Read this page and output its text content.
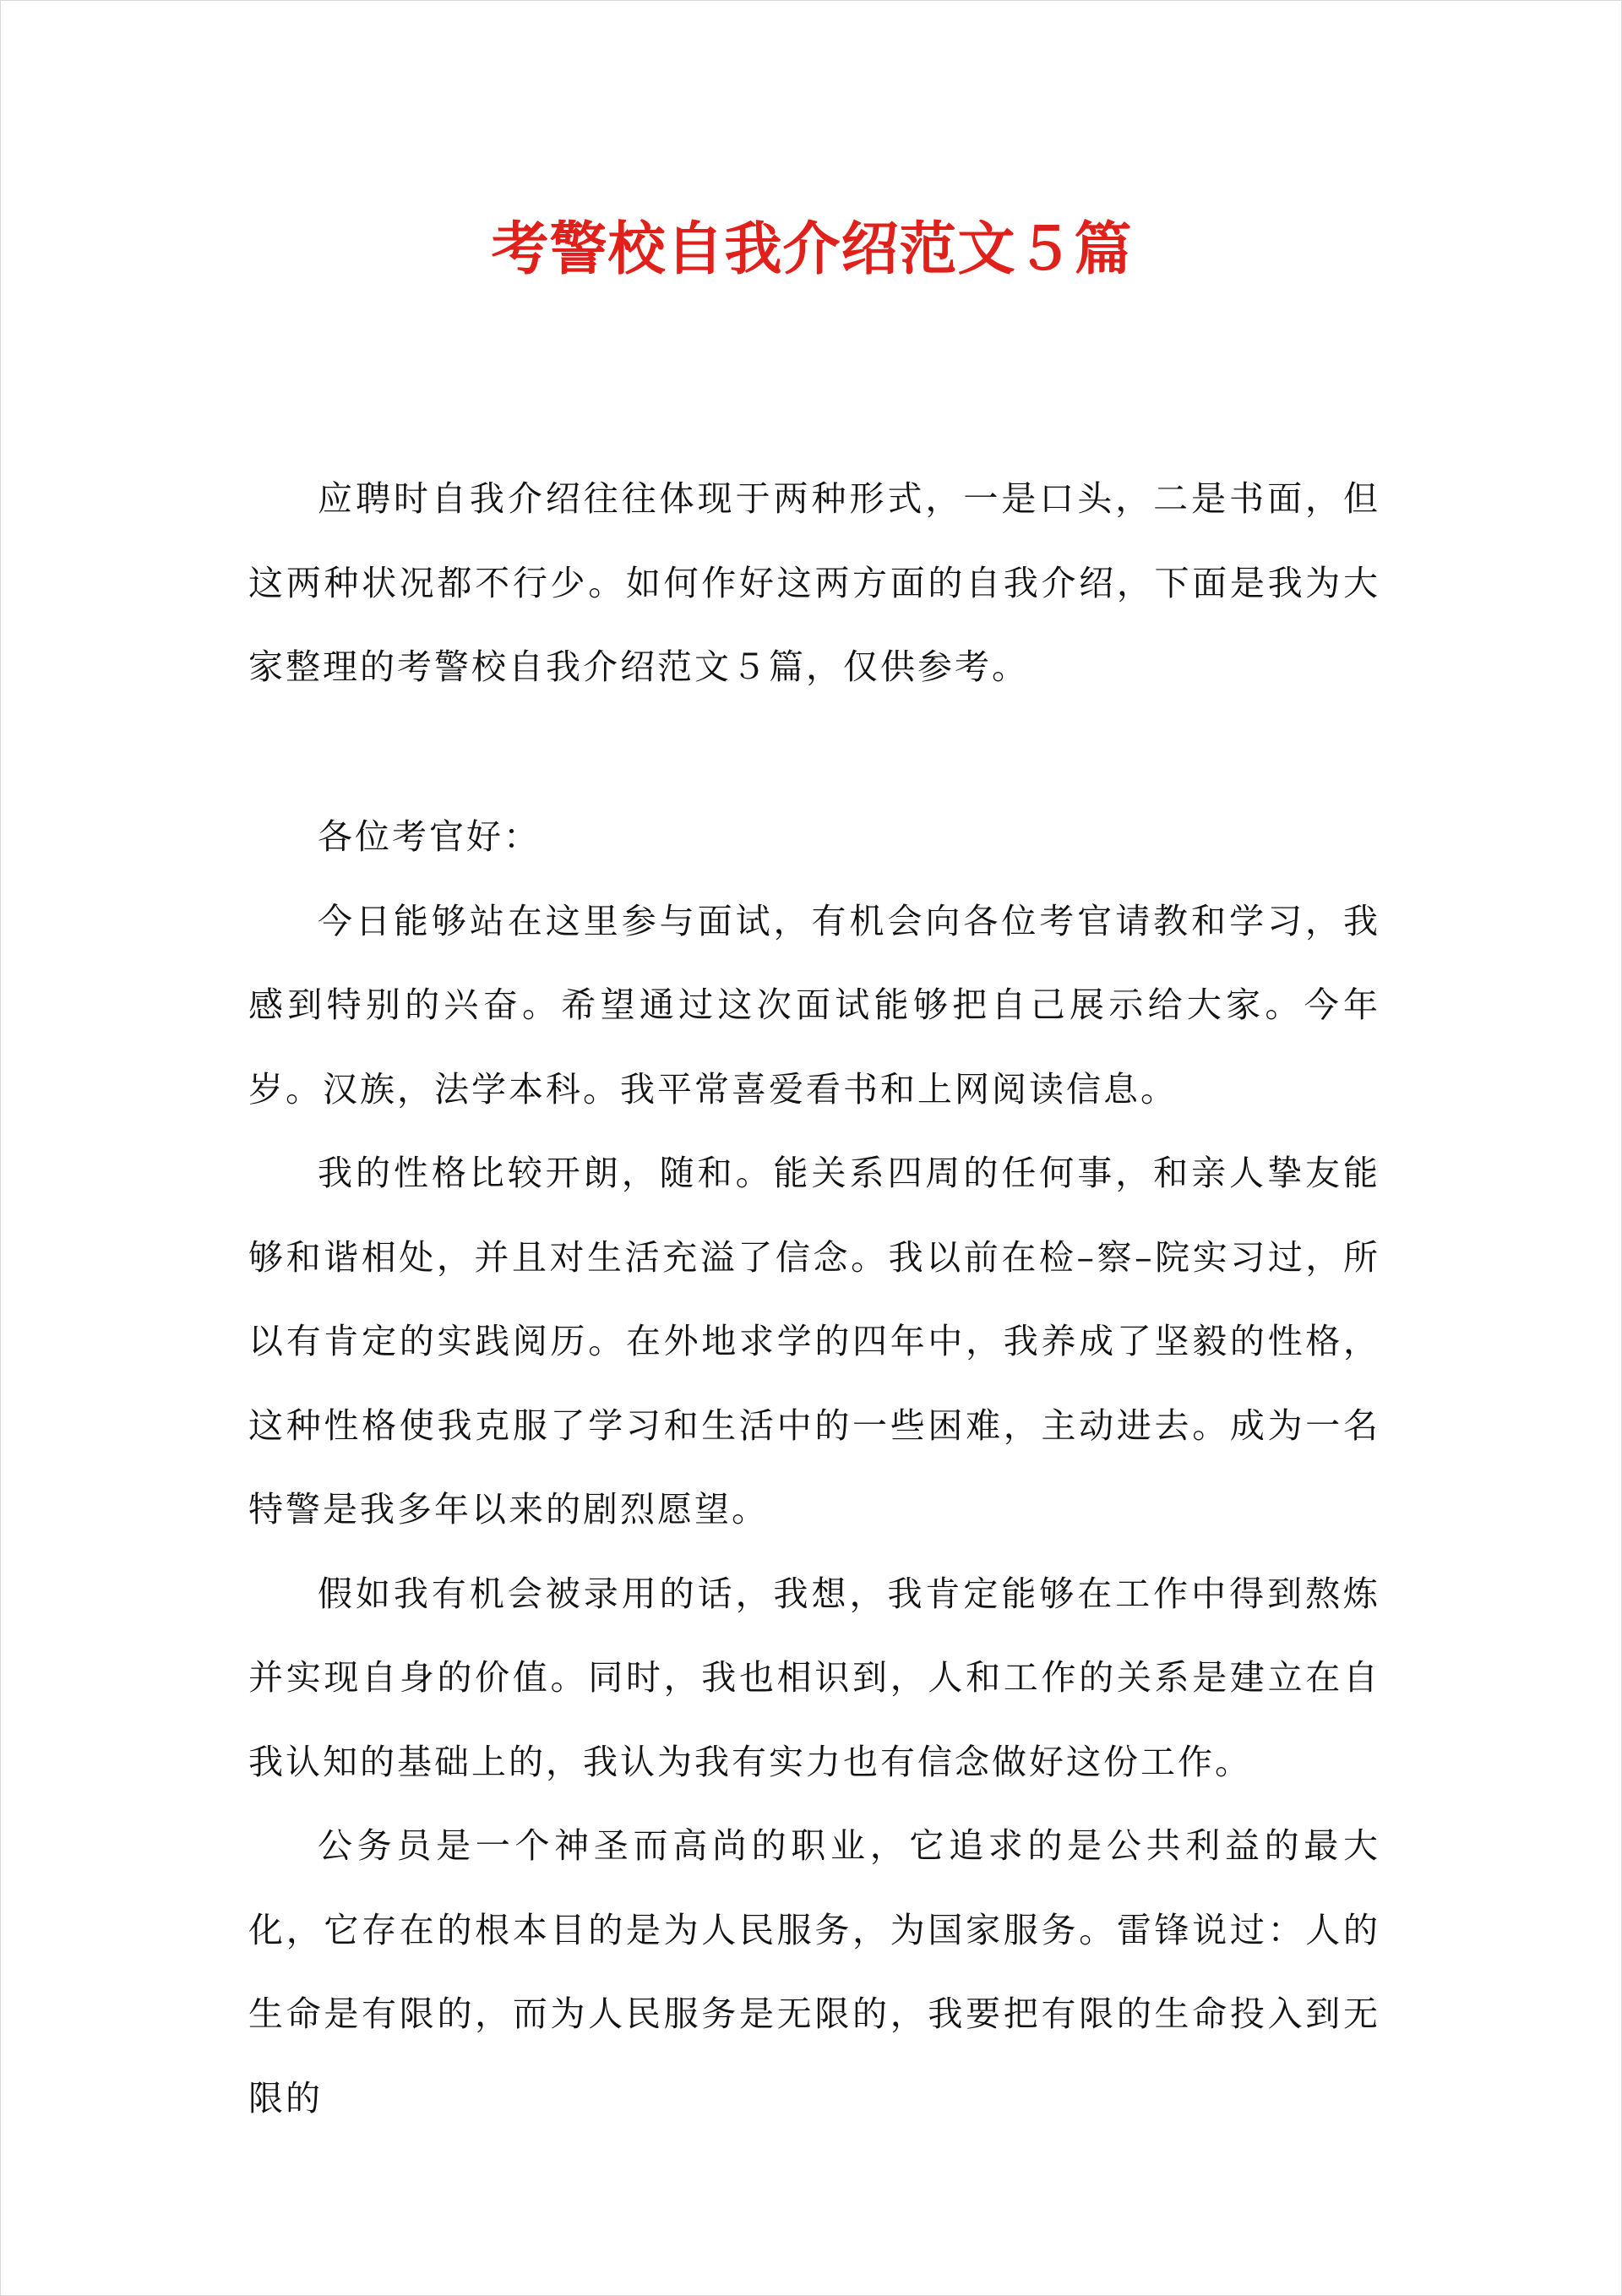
考警校自我介绍范文５篇

应聘时自我介绍往往体现于两种形式，一是口头，二是书面，但这两种状况都不行少。如何作好这两方面的自我介绍，下面是我为大家整理的考警校自我介绍范文５篇，仅供参考。

各位考官好：

今日能够站在这里参与面试，有机会向各位考官请教和学习，我感到特别的兴奋。希望通过这次面试能够把自己展示给大家。今年岁。汉族，法学本科。我平常喜爱看书和上网阅读信息。

我的性格比较开朗，随和。能关系四周的任何事，和亲人挚友能够和谐相处，并且对生活充溢了信念。我以前在检–察–院实习过，所以有肯定的实践阅历。在外地求学的四年中，我养成了坚毅的性格，这种性格使我克服了学习和生活中的一些困难，主动进去。成为一名特警是我多年以来的剧烈愿望。

假如我有机会被录用的话，我想，我肯定能够在工作中得到熬炼并实现自身的价值。同时，我也相识到，人和工作的关系是建立在自我认知的基础上的，我认为我有实力也有信念做好这份工作。

公务员是一个神圣而高尚的职业，它追求的是公共利益的最大化，它存在的根本目的是为人民服务，为国家服务。雷锋说过：人的生命是有限的，而为人民服务是无限的，我要把有限的生命投入到无限的
